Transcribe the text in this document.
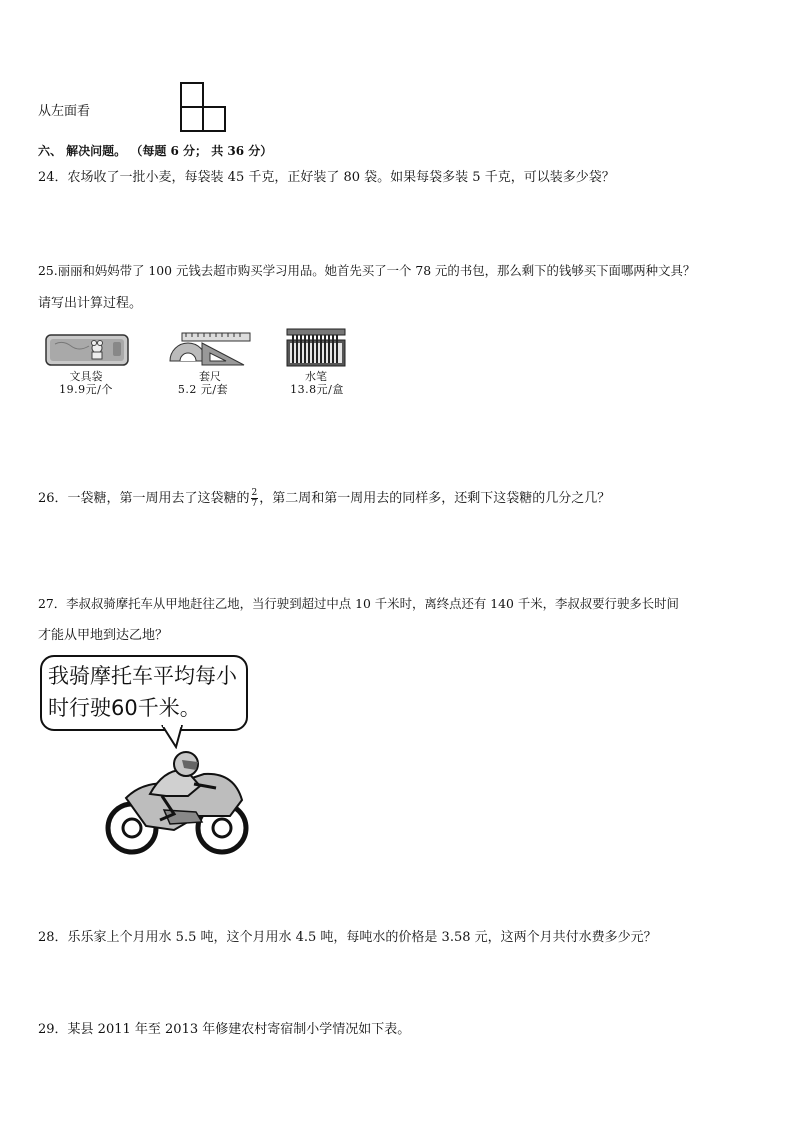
从左面看
六、 解决问题。 （每题 6 分； 共 36 分）
24．农场收了一批小麦，每袋装 45 千克，正好装了 80 袋。如果每袋多装 5 千克，可以装多少袋？
25.丽丽和妈妈带了 100 元钱去超市购买学习用品。她首先买了一个 78 元的书包，那么剩下的钱够买下面哪两种文具？
请写出计算过程。
文具袋
19.9元/个
套尺
5.2 元/套
水笔
13.8元/盒
26．一袋糖，第一周用去了这袋糖的 $\frac{2}{7}$ ，第二周和第一周用去的同样多，还剩下这袋糖的几分之几？
27．李叔叔骑摩托车从甲地赶往乙地，当行驶到超过中点 10 千米时，离终点还有 140 千米，李叔叔要行驶多长时间
才能从甲地到达乙地？
我骑摩托车平均每小时行驶60千米。
28．乐乐家上个月用水 5.5 吨，这个月用水 4.5 吨，每吨水的价格是 3.58 元，这两个月共付水费多少元？
29．某县 2011 年至 2013 年修建农村寄宿制小学情况如下表。
